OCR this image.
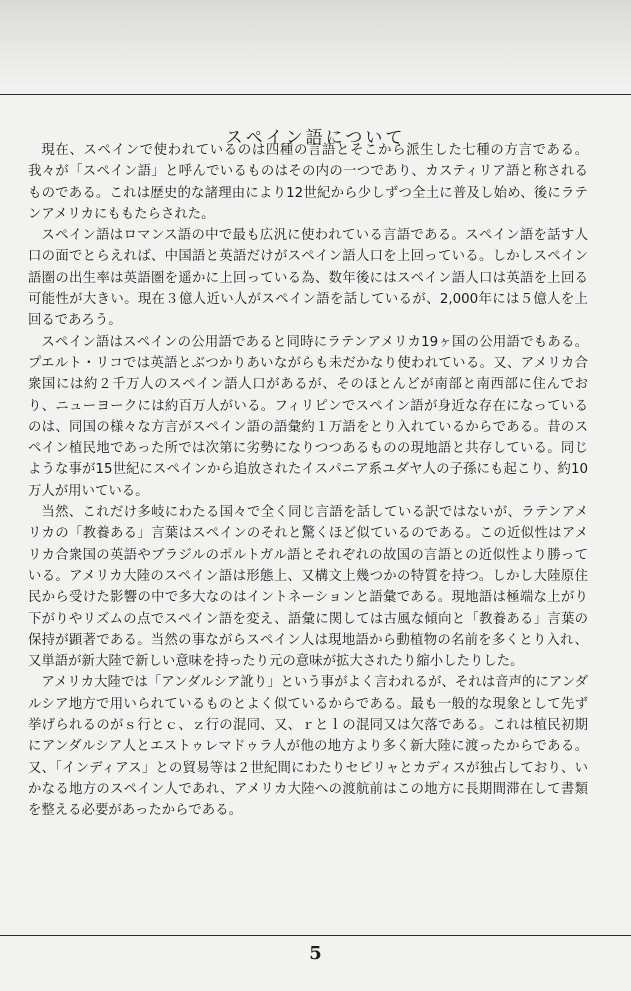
スペイン語について

現在、スペインで使われているのは四種の言語とそこから派生した七種の方言である。我々が「スペイン語」と呼んでいるものはその内の一つであり、カスティリア語と称されるものである。これは歴史的な諸理由により12世紀から少しずつ全土に普及し始め、後にラテンアメリカにももたらされた。

スペイン語はロマンス語の中で最も広汎に使われている言語である。スペイン語を話す人口の面でとらえれば、中国語と英語だけがスペイン語人口を上回っている。しかしスペイン語圏の出生率は英語圏を遥かに上回っている為、数年後にはスペイン語人口は英語を上回る可能性が大きい。現在３億人近い人がスペイン語を話しているが、2,000年には５億人を上回るであろう。

スペイン語はスペインの公用語であると同時にラテンアメリカ19ヶ国の公用語でもある。プエルト・リコでは英語とぶつかりあいながらも未だかなり使われている。又、アメリカ合衆国には約２千万人のスペイン語人口があるが、そのほとんどが南部と南西部に住んでおり、ニューヨークには約百万人がいる。フィリピンでスペイン語が身近な存在になっているのは、同国の様々な方言がスペイン語の語彙約１万語をとり入れているからである。昔のスペイン植民地であった所では次第に劣勢になりつつあるものの現地語と共存している。同じような事が15世紀にスペインから追放されたイスパニア系ユダヤ人の子孫にも起こり、約10万人が用いている。

当然、これだけ多岐にわたる国々で全く同じ言語を話している訳ではないが、ラテンアメリカの「教養ある」言葉はスペインのそれと驚くほど似ているのである。この近似性はアメリカ合衆国の英語やブラジルのポルトガル語とそれぞれの故国の言語との近似性より勝っている。アメリカ大陸のスペイン語は形態上、又構文上幾つかの特質を持つ。しかし大陸原住民から受けた影響の中で多大なのはイントネーションと語彙である。現地語は極端な上がり下がりやリズムの点でスペイン語を変え、語彙に関しては古風な傾向と「教養ある」言葉の保持が顕著である。当然の事ながらスペイン人は現地語から動植物の名前を多くとり入れ、又単語が新大陸で新しい意味を持ったり元の意味が拡大されたり縮小したりした。

アメリカ大陸では「アンダルシア訛り」という事がよく言われるが、それは音声的にアンダルシア地方で用いられているものとよく似ているからである。最も一般的な現象として先ず挙げられるのがｓ行とｃ、ｚ行の混同、又、ｒとｌの混同又は欠落である。これは植民初期にアンダルシア人とエストゥレマドゥラ人が他の地方より多く新大陸に渡ったからである。又、「インディアス」との貿易等は２世紀間にわたりセビリャとカディスが独占しており、いかなる地方のスペイン人であれ、アメリカ大陸への渡航前はこの地方に長期間滞在して書類を整える必要があったからである。

5
